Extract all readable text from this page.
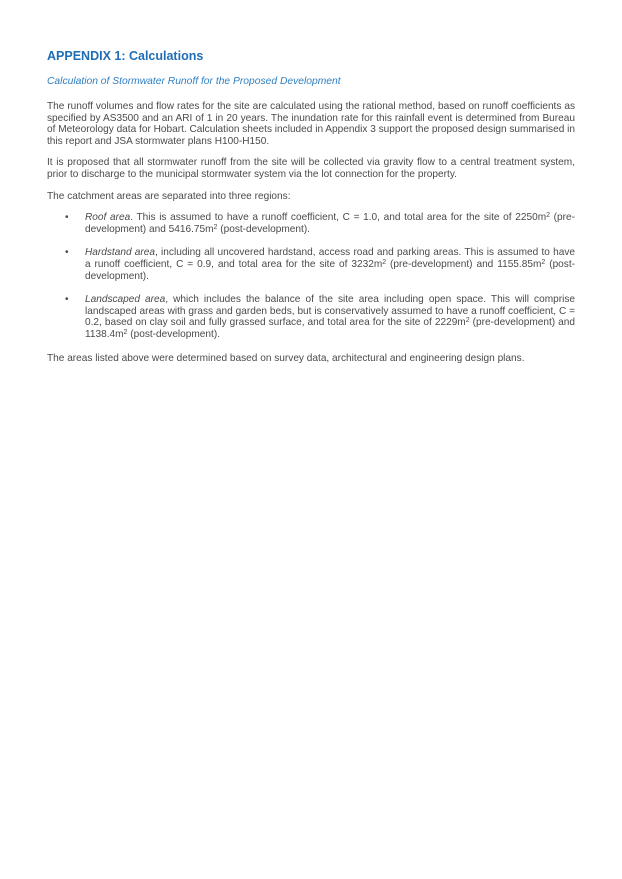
APPENDIX 1: Calculations
Calculation of Stormwater Runoff for the Proposed Development

The runoff volumes and flow rates for the site are calculated using the rational method, based on runoff coefficients as specified by AS3500 and an ARI of 1 in 20 years. The inundation rate for this rainfall event is determined from Bureau of Meteorology data for Hobart. Calculation sheets included in Appendix 3 support the proposed design summarised in this report and JSA stormwater plans H100-H150.

It is proposed that all stormwater runoff from the site will be collected via gravity flow to a central treatment system, prior to discharge to the municipal stormwater system via the lot connection for the property.

The catchment areas are separated into three regions:

• Roof area. This is assumed to have a runoff coefficient, C = 1.0, and total area for the site of $2250m^2$ (pre-development) and $5416.75m^2$ (post-development).
• Hardstand area, including all uncovered hardstand, access road and parking areas. This is assumed to have a runoff coefficient, C = 0.9, and total area for the site of $3232m^2$ (pre-development) and $1155.85m^2$ (post-development).
• Landscaped area, which includes the balance of the site area including open space. This will comprise landscaped areas with grass and garden beds, but is conservatively assumed to have a runoff coefficient, C = 0.2, based on clay soil and fully grassed surface, and total area for the site of $2229m^2$ (pre-development) and $1138.4m^2$ (post-development).

The areas listed above were determined based on survey data, architectural and engineering design plans.
